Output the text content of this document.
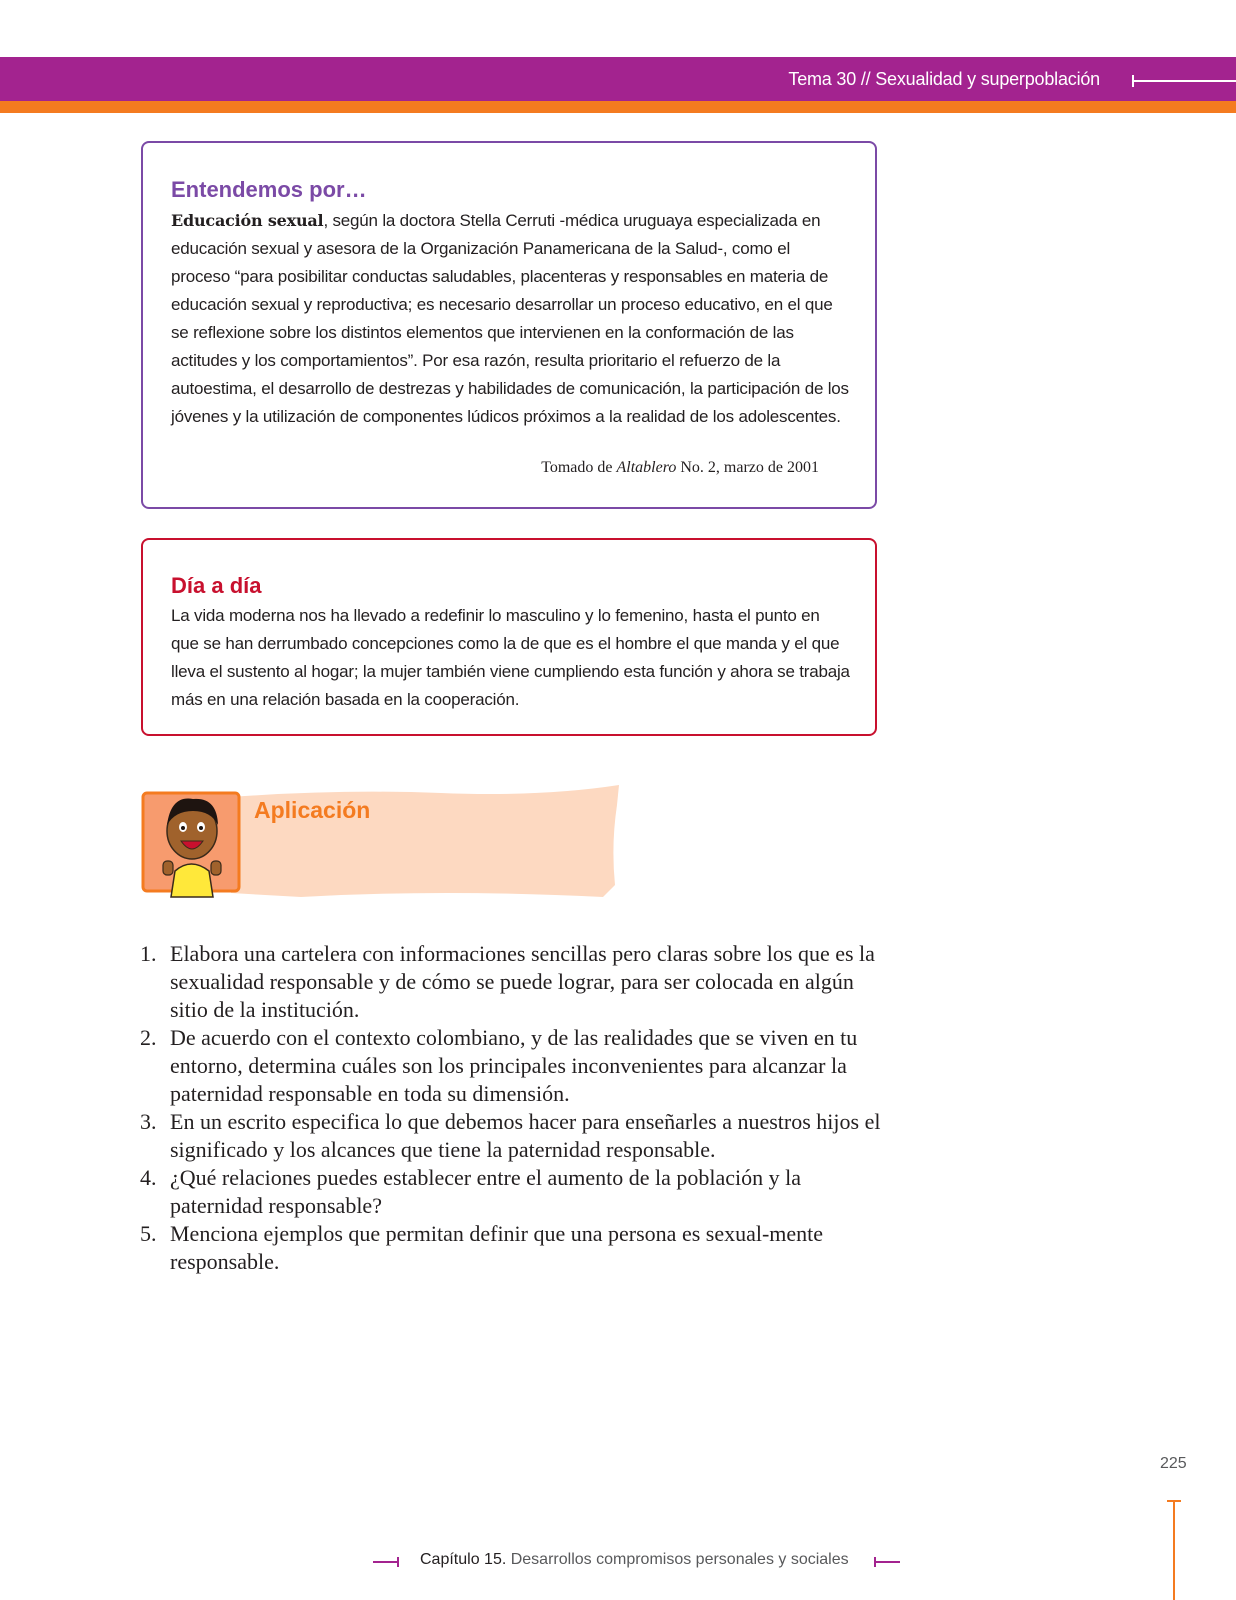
Tema 30 // Sexualidad y superpoblación
Entendemos por…
Educación sexual, según la doctora Stella Cerruti -médica uruguaya especializada en educación sexual y asesora de la Organización Panamericana de la Salud-, como el proceso “para posibilitar conductas saludables, placenteras y responsables en materia de educación sexual y reproductiva; es necesario desarrollar un proceso educativo, en el que se reflexione sobre los distintos elementos que intervienen en la conformación de las actitudes y los comportamientos”. Por esa razón, resulta prioritario el refuerzo de la autoestima, el desarrollo de destrezas y habilidades de comunicación, la participación de los jóvenes y la utilización de componentes lúdicos próximos a la realidad de los adolescentes.
Tomado de Altablero No. 2, marzo de 2001
Día a día
La vida moderna nos ha llevado a redefinir lo masculino y lo femenino, hasta el punto en que se han derrumbado concepciones como la de que es el hombre el que manda y el que lleva el sustento al hogar; la mujer también viene cumpliendo esta función y ahora se trabaja más en una relación basada en la cooperación.
Aplicación
1. Elabora una cartelera con informaciones sencillas pero claras sobre los que es la sexualidad responsable y de cómo se puede lograr, para ser colocada en algún sitio de la institución.
2. De acuerdo con el contexto colombiano, y de las realidades que se viven en tu entorno, determina cuáles son los principales inconvenientes para alcanzar la paternidad responsable en toda su dimensión.
3. En un escrito especifica lo que debemos hacer para enseñarles a nuestros hijos el significado y los alcances que tiene la paternidad responsable.
4. ¿Qué relaciones puedes establecer entre el aumento de la población y la paternidad responsable?
5. Menciona ejemplos que permitan definir que una persona es sexual-mente responsable.
225
Capítulo 15. Desarrollos compromisos personales y sociales
